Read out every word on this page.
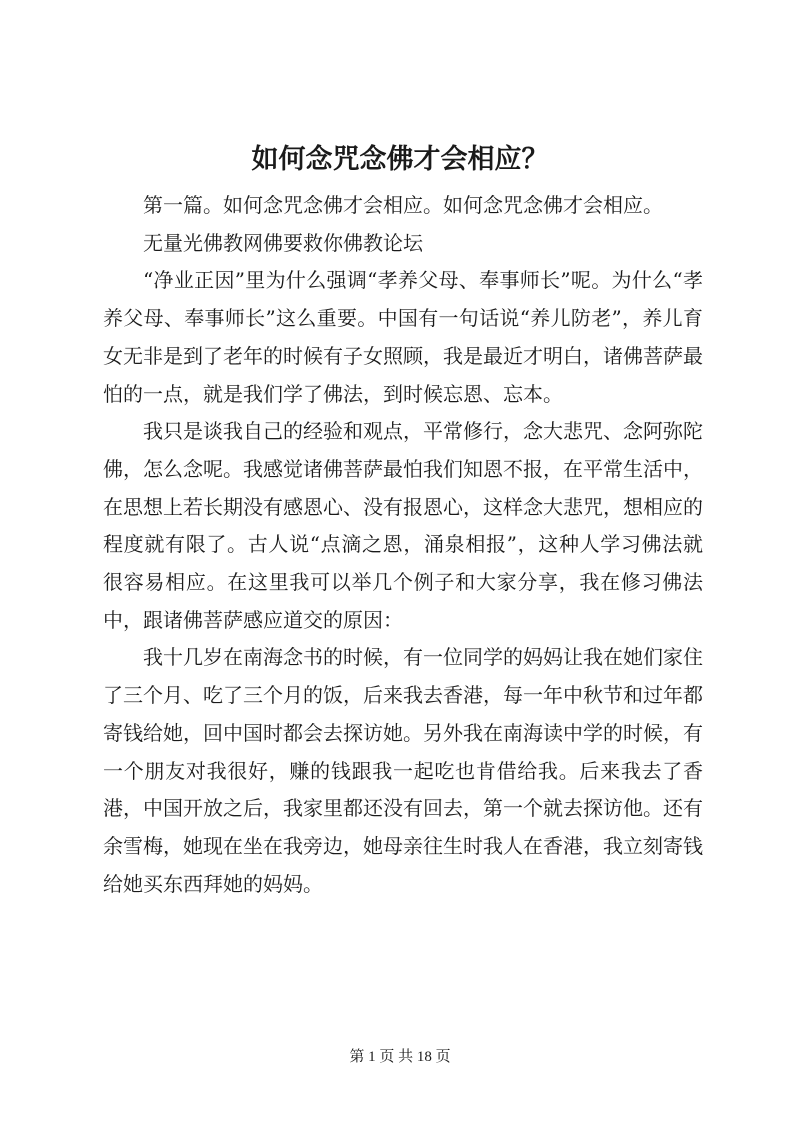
如何念咒念佛才会相应？

第一篇。如何念咒念佛才会相应。如何念咒念佛才会相应。

无量光佛教网佛要救你佛教论坛

“净业正因”里为什么强调“孝养父母、奉事师长”呢。为什么“孝养父母、奉事师长”这么重要。中国有一句话说“养儿防老”，养儿育女无非是到了老年的时候有子女照顾，我是最近才明白，诸佛菩萨最怕的一点，就是我们学了佛法，到时候忘恩、忘本。

我只是谈我自己的经验和观点，平常修行，念大悲咒、念阿弥陀佛，怎么念呢。我感觉诸佛菩萨最怕我们知恩不报，在平常生活中，在思想上若长期没有感恩心、没有报恩心，这样念大悲咒，想相应的程度就有限了。古人说“点滴之恩，涌泉相报”，这种人学习佛法就很容易相应。在这里我可以举几个例子和大家分享，我在修习佛法中，跟诸佛菩萨感应道交的原因：

我十几岁在南海念书的时候，有一位同学的妈妈让我在她们家住了三个月、吃了三个月的饭，后来我去香港，每一年中秋节和过年都寄钱给她，回中国时都会去探访她。另外我在南海读中学的时候，有一个朋友对我很好，赚的钱跟我一起吃也肯借给我。后来我去了香港，中国开放之后，我家里都还没有回去，第一个就去探访他。还有余雪梅，她现在坐在我旁边，她母亲往生时我人在香港，我立刻寄钱给她买东西拜她的妈妈。

第 1 页 共 18 页
